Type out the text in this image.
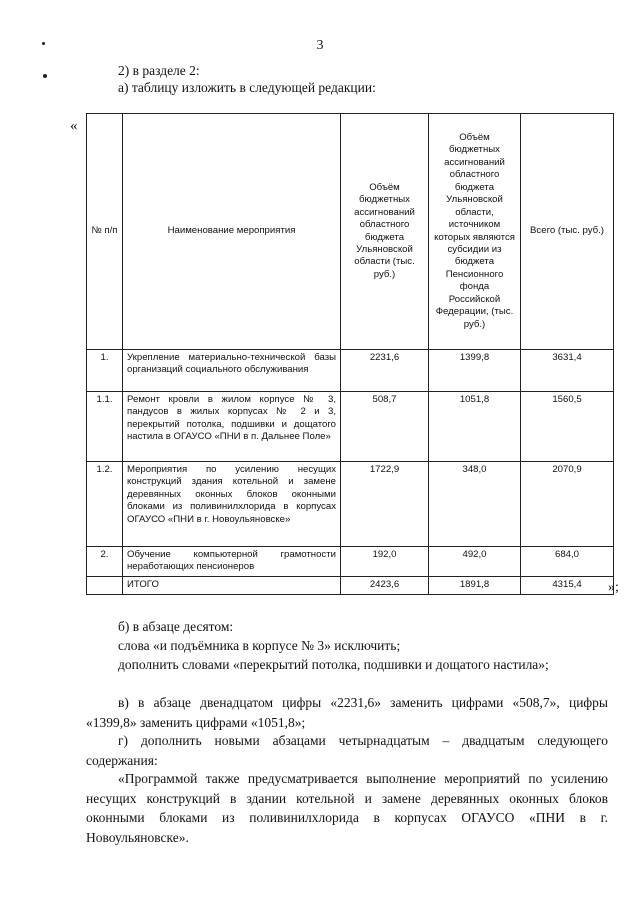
3
2) в разделе 2:
а) таблицу изложить в следующей редакции:
«
№ п/п	Наименование мероприятия	Объём бюджетных ассигнований областного бюджета Ульяновской области (тыс. руб.)	Объём бюджетных ассигнований областного бюджета Ульяновской области, источником которых являются субсидии из бюджета Пенсионного фонда Российской Федерации, (тыс. руб.)	Всего (тыс. руб.)
1.	Укрепление материально-технической базы организаций социального обслуживания	2231,6	1399,8	3631,4
1.1.	Ремонт кровли в жилом корпусе № 3, пандусов в жилых корпусах № 2 и 3, перекрытий потолка, подшивки и дощатого настила в ОГАУСО «ПНИ в п. Дальнее Поле»	508,7	1051,8	1560,5
1.2.	Мероприятия по усилению несущих конструкций здания котельной и замене деревянных оконных блоков оконными блоками из поливинилхлорида в корпусах ОГАУСО «ПНИ в г. Новоульяновске»	1722,9	348,0	2070,9
2.	Обучение компьютерной грамотности неработающих пенсионеров	192,0	492,0	684,0
	ИТОГО	2423,6	1891,8	4315,4 »;
б) в абзаце десятом:
слова «и подъёмника в корпусе № 3» исключить;
дополнить словами «перекрытий потолка, подшивки и дощатого настила»;
в) в абзаце двенадцатом цифры «2231,6» заменить цифрами «508,7», цифры «1399,8» заменить цифрами «1051,8»;
г) дополнить новыми абзацами четырнадцатым – двадцатым следующего содержания:
«Программой также предусматривается выполнение мероприятий по усилению несущих конструкций в здании котельной и замене деревянных оконных блоков оконными блоками из поливинилхлорида в корпусах ОГАУСО «ПНИ в г. Новоульяновске».
